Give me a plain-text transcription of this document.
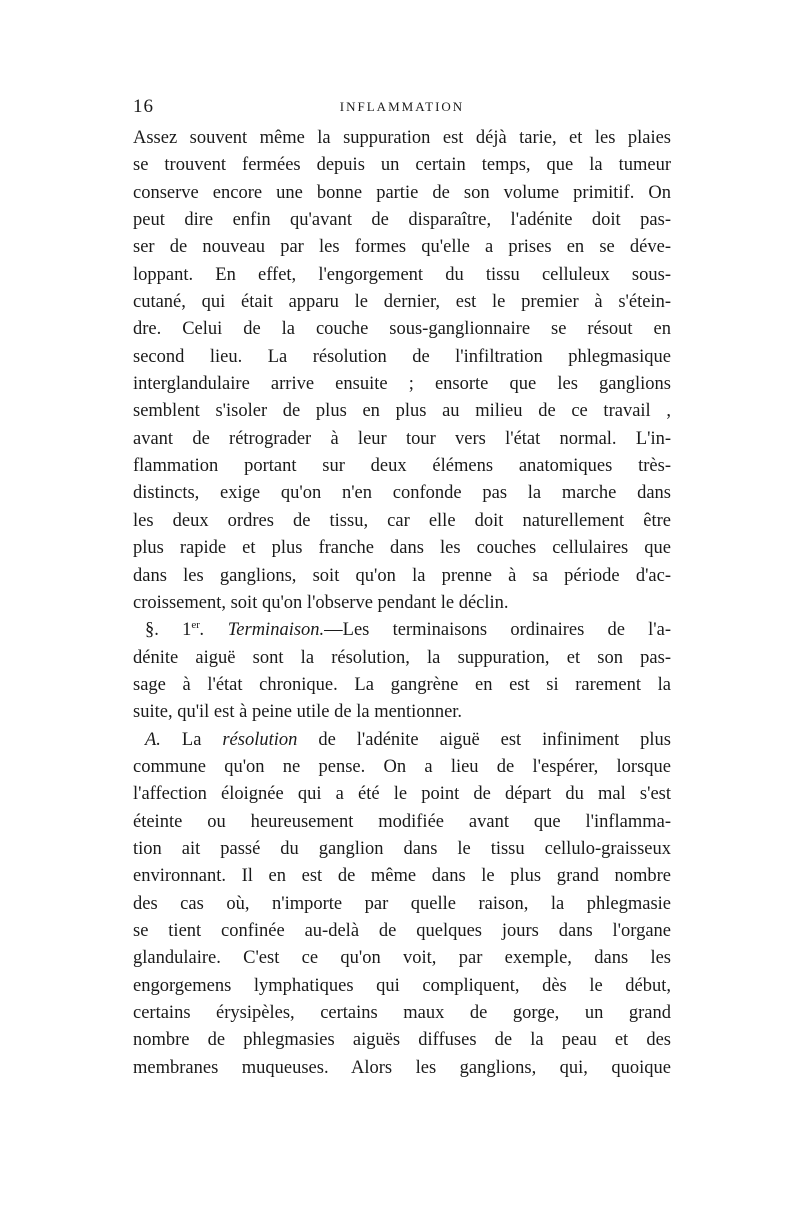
16	INFLAMMATION
Assez souvent même la suppuration est déjà tarie, et les plaies
se trouvent fermées depuis un certain temps, que la tumeur
conserve encore une bonne partie de son volume primitif. On
peut dire enfin qu'avant de disparaître, l'adénite doit pas-
ser de nouveau par les formes qu'elle a prises en se déve-
loppant. En effet, l'engorgement du tissu celluleux sous-
cutané, qui était apparu le dernier, est le premier à s'étein-
dre. Celui de la couche sous-ganglionnaire se résout en
second lieu. La résolution de l'infiltration phlegmasique
interglandulaire arrive ensuite ; ensorte que les ganglions
semblent s'isoler de plus en plus au milieu de ce travail ,
avant de rétrograder à leur tour vers l'état normal. L'in-
flammation portant sur deux élémens anatomiques très-
distincts, exige qu'on n'en confonde pas la marche dans
les deux ordres de tissu, car elle doit naturellement être
plus rapide et plus franche dans les couches cellulaires que
dans les ganglions, soit qu'on la prenne à sa période d'ac-
croissement, soit qu'on l'observe pendant le déclin.
§. 1er. Terminaison.—Les terminaisons ordinaires de l'a-
dénite aiguë sont la résolution, la suppuration, et son pas-
sage à l'état chronique. La gangrène en est si rarement la
suite, qu'il est à peine utile de la mentionner.
A. La résolution de l'adénite aiguë est infiniment plus
commune qu'on ne pense. On a lieu de l'espérer, lorsque
l'affection éloignée qui a été le point de départ du mal s'est
éteinte ou heureusement modifiée avant que l'inflamma-
tion ait passé du ganglion dans le tissu cellulo-graisseux
environnant. Il en est de même dans le plus grand nombre
des cas où, n'importe par quelle raison, la phlegmasie
se tient confinée au-delà de quelques jours dans l'organe
glandulaire. C'est ce qu'on voit, par exemple, dans les
engorgemens lymphatiques qui compliquent, dès le début,
certains érysipèles, certains maux de gorge, un grand
nombre de phlegmasies aiguës diffuses de la peau et des
membranes muqueuses. Alors les ganglions, qui, quoique
